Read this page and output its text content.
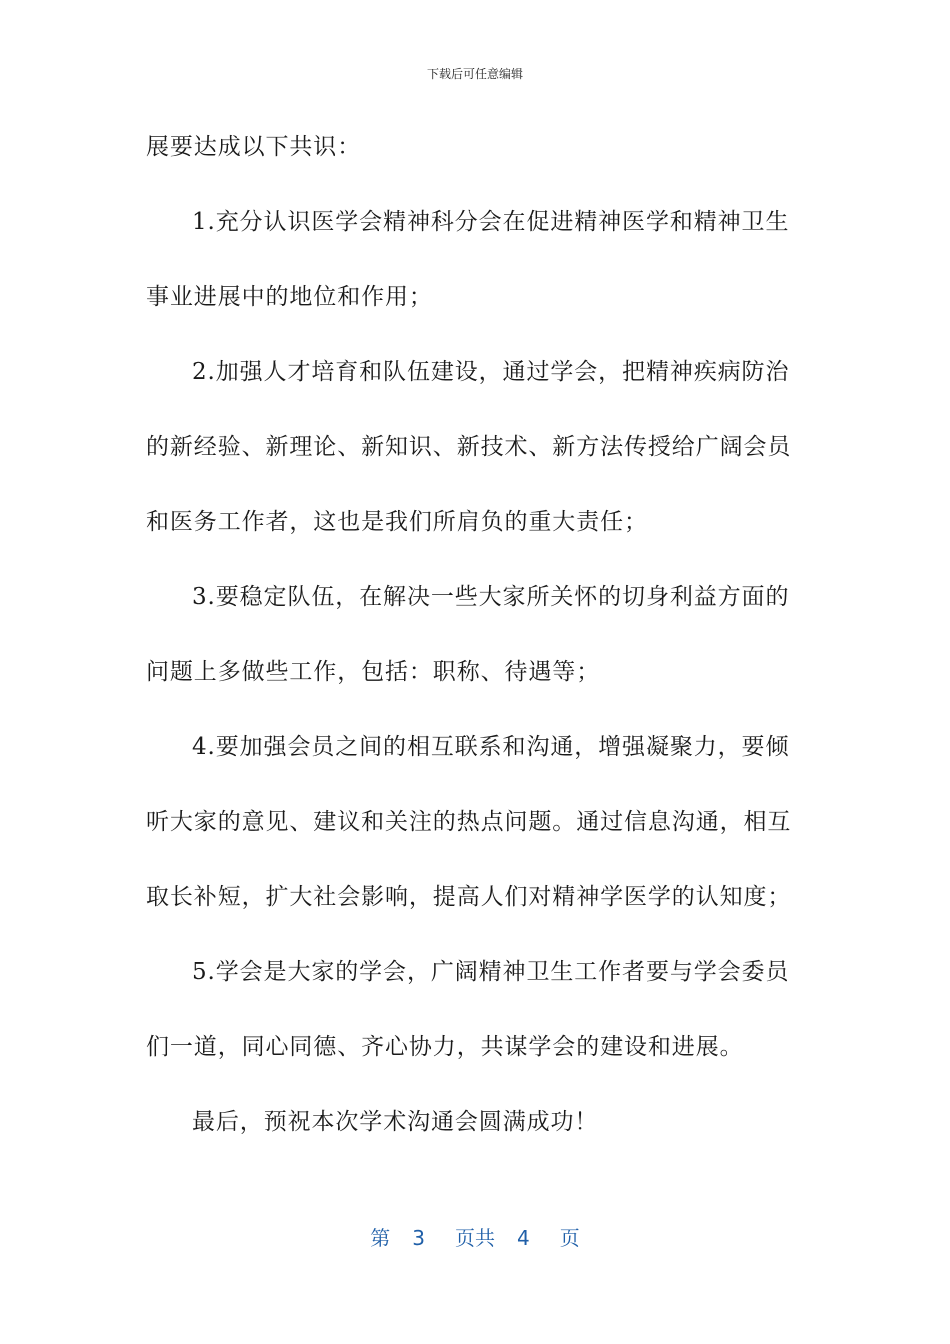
下载后可任意编辑
展要达成以下共识：
1.充分认识医学会精神科分会在促进精神医学和精神卫生
事业进展中的地位和作用；
2.加强人才培育和队伍建设，通过学会，把精神疾病防治
的新经验、新理论、新知识、新技术、新方法传授给广阔会员
和医务工作者，这也是我们所肩负的重大责任；
3.要稳定队伍，在解决一些大家所关怀的切身利益方面的
问题上多做些工作，包括：职称、待遇等；
4.要加强会员之间的相互联系和沟通，增强凝聚力，要倾
听大家的意见、建议和关注的热点问题。通过信息沟通，相互
取长补短，扩大社会影响，提高人们对精神学医学的认知度；
5.学会是大家的学会，广阔精神卫生工作者要与学会委员
们一道，同心同德、齐心协力，共谋学会的建设和进展。
最后，预祝本次学术沟通会圆满成功！
第 3 页共 4 页
